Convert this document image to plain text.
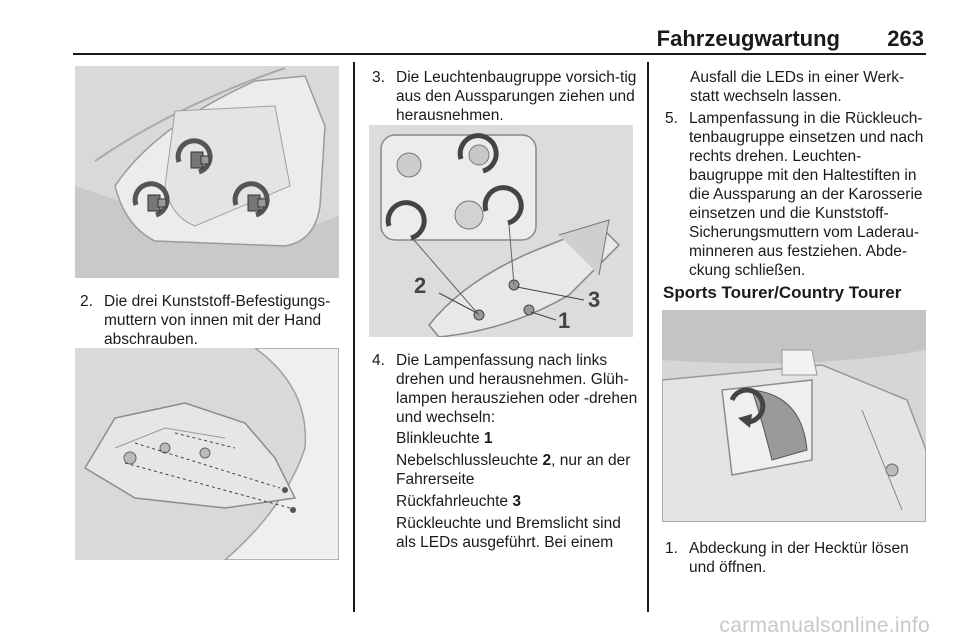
Fahrzeugwartung	263
2. Die drei Kunststoff-Befestigungs-muttern von innen mit der Hand abschrauben.
3. Die Leuchtenbaugruppe vorsich-tig aus den Aussparungen ziehen und herausnehmen.
2
3
1
4. Die Lampenfassung nach links drehen und herausnehmen. Glüh-lampen herausziehen oder -drehen und wechseln:
Blinkleuchte 1
Nebelschlussleuchte 2, nur an der Fahrerseite
Rückfahrleuchte 3
Rückleuchte und Bremslicht sind als LEDs ausgeführt. Bei einem
Ausfall die LEDs in einer Werk-statt wechseln lassen.
5. Lampenfassung in die Rückleuch-tenbaugruppe einsetzen und nach rechts drehen. Leuchten-baugruppe mit den Haltestiften in die Aussparung an der Karosserie einsetzen und die Kunststoff-Sicherungsmuttern vom Laderau-minneren aus festziehen. Abde-ckung schließen.
Sports Tourer/Country Tourer
1. Abdeckung in der Hecktür lösen und öffnen.
carmanualsonline.info
